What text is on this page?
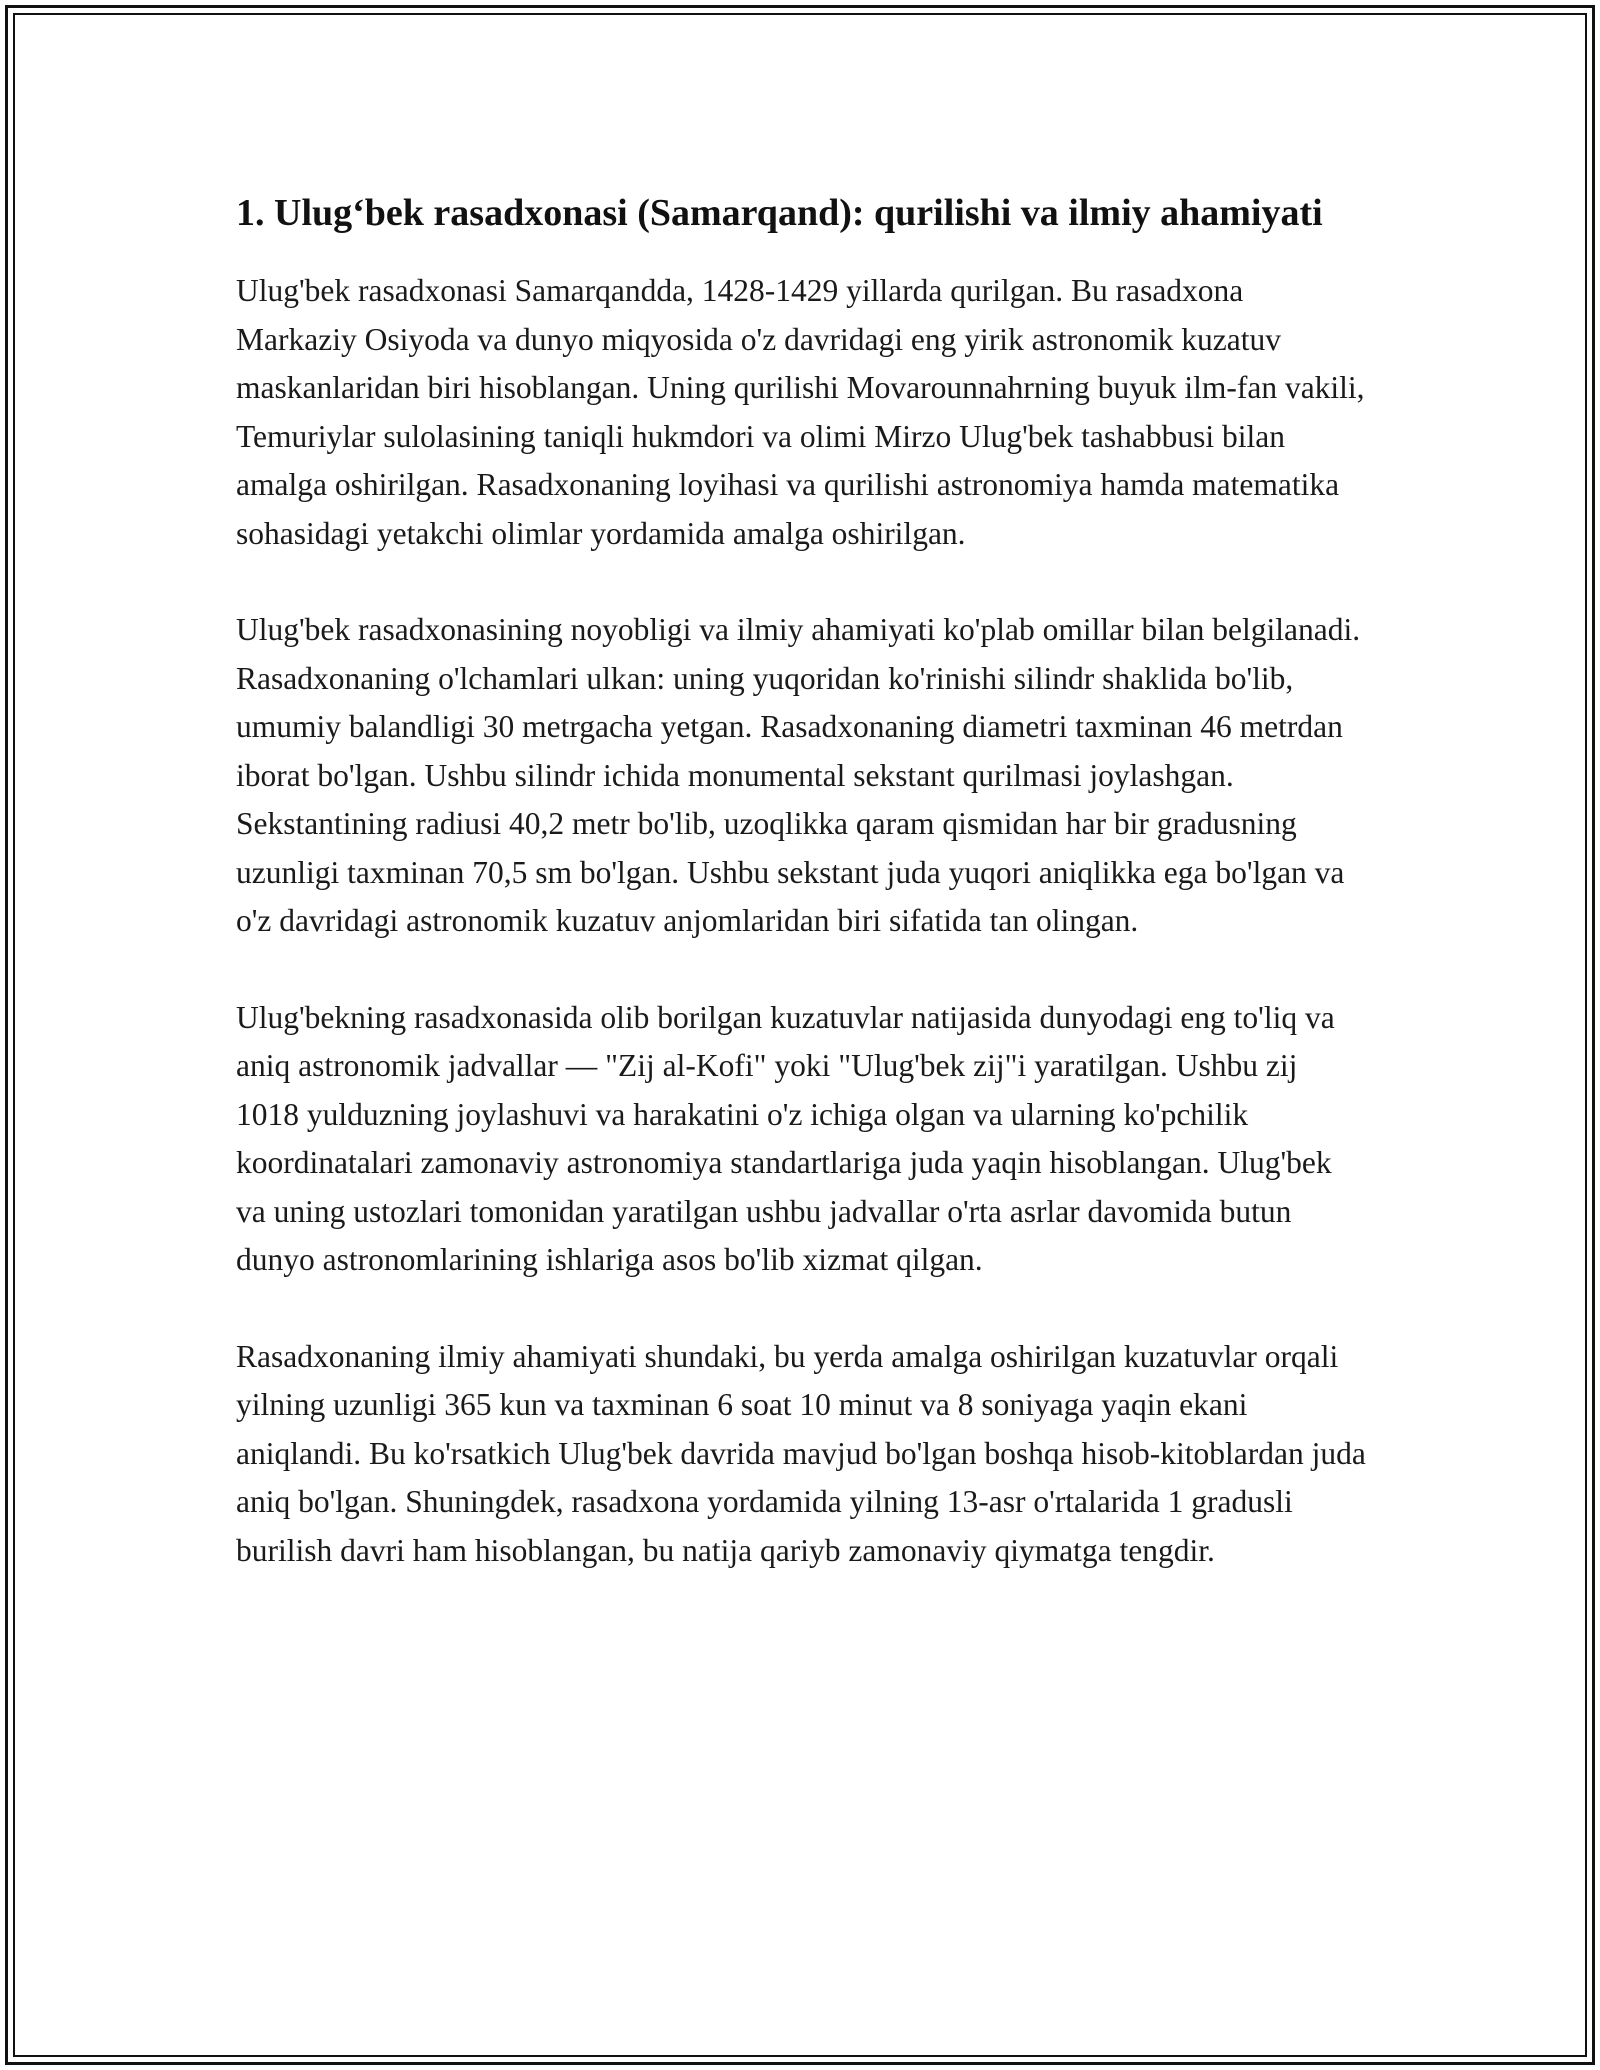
1. Ulug‘bek rasadxonasi (Samarqand): qurilishi va ilmiy ahamiyati

Ulug'bek rasadxonasi Samarqandda, 1428-1429 yillarda qurilgan. Bu rasadxona Markaziy Osiyoda va dunyo miqyosida o'z davridagi eng yirik astronomik kuzatuv maskanlaridan biri hisoblangan. Uning qurilishi Movarounnahrning buyuk ilm-fan vakili, Temuriylar sulolasining taniqli hukmdori va olimi Mirzo Ulug'bek tashabbusi bilan amalga oshirilgan. Rasadxonaning loyihasi va qurilishi astronomiya hamda matematika sohasidagi yetakchi olimlar yordamida amalga oshirilgan.

Ulug'bek rasadxonasining noyobligi va ilmiy ahamiyati ko'plab omillar bilan belgilanadi. Rasadxonaning o'lchamlari ulkan: uning yuqoridan ko'rinishi silindr shaklida bo'lib, umumiy balandligi 30 metrgacha yetgan. Rasadxonaning diametri taxminan 46 metrdan iborat bo'lgan. Ushbu silindr ichida monumental sekstant qurilmasi joylashgan. Sekstantining radiusi 40,2 metr bo'lib, uzoqlikka qaram qismidan har bir gradusning uzunligi taxminan 70,5 sm bo'lgan. Ushbu sekstant juda yuqori aniqlikka ega bo'lgan va o'z davridagi astronomik kuzatuv anjomlaridan biri sifatida tan olingan.

Ulug'bekning rasadxonasida olib borilgan kuzatuvlar natijasida dunyodagi eng to'liq va aniq astronomik jadvallar — "Zij al-Kofi" yoki "Ulug'bek zij"i yaratilgan. Ushbu zij 1018 yulduzning joylashuvi va harakatini o'z ichiga olgan va ularning ko'pchilik koordinatalari zamonaviy astronomiya standartlariga juda yaqin hisoblangan. Ulug'bek va uning ustozlari tomonidan yaratilgan ushbu jadvallar o'rta asrlar davomida butun dunyo astronomlarining ishlariga asos bo'lib xizmat qilgan.

Rasadxonaning ilmiy ahamiyati shundaki, bu yerda amalga oshirilgan kuzatuvlar orqali yilning uzunligi 365 kun va taxminan 6 soat 10 minut va 8 soniyaga yaqin ekani aniqlandi. Bu ko'rsatkich Ulug'bek davrida mavjud bo'lgan boshqa hisob-kitoblardan juda aniq bo'lgan. Shuningdek, rasadxona yordamida yilning 13-asr o'rtalarida 1 gradusli burilish davri ham hisoblangan, bu natija qariyb zamonaviy qiymatga tengdir.
